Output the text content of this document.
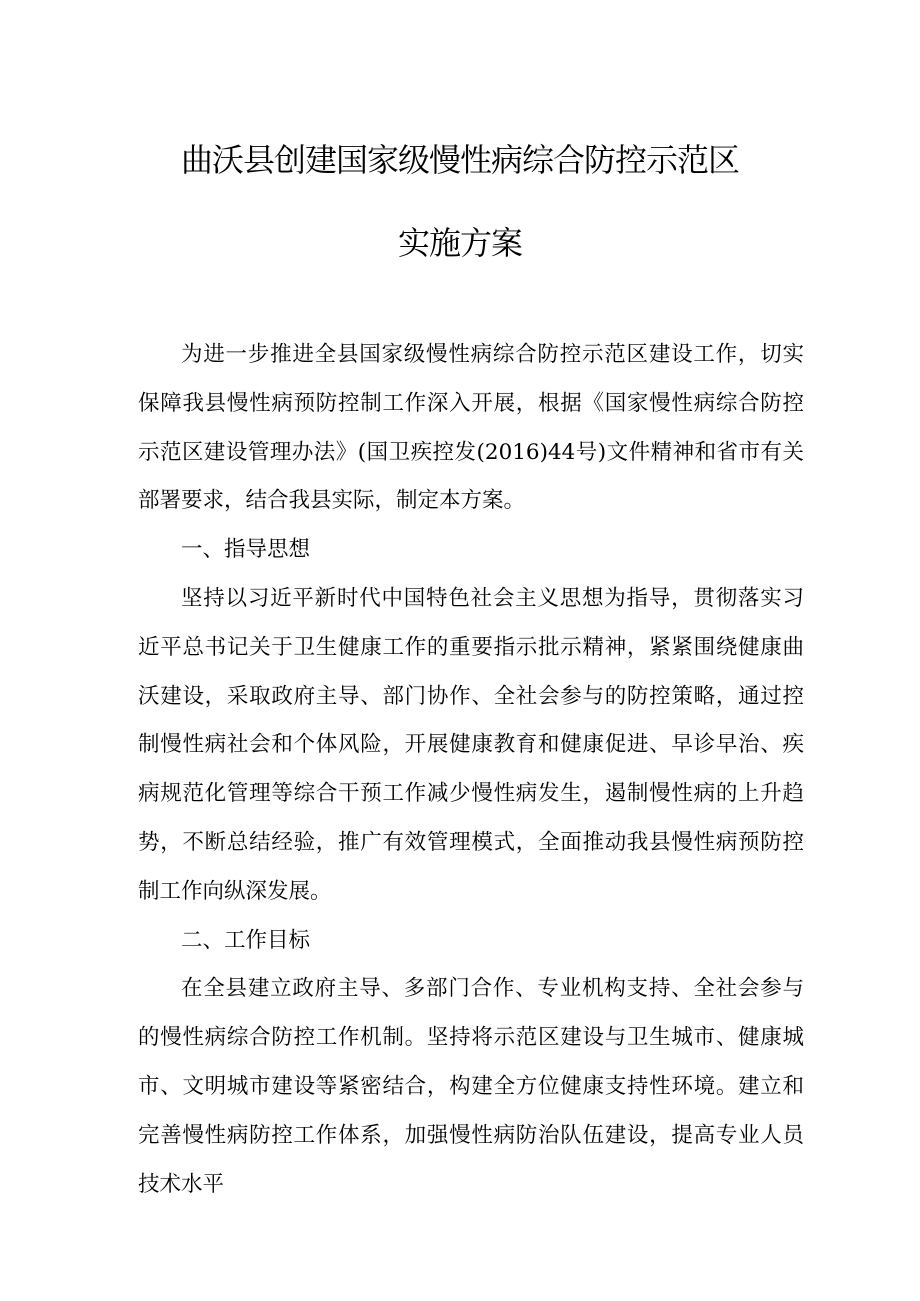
曲沃县创建国家级慢性病综合防控示范区
实施方案

为进一步推进全县国家级慢性病综合防控示范区建设工作，切实保障我县慢性病预防控制工作深入开展，根据《国家慢性病综合防控示范区建设管理办法》(国卫疾控发(2016)44号)文件精神和省市有关部署要求，结合我县实际，制定本方案。

一、指导思想

坚持以习近平新时代中国特色社会主义思想为指导，贯彻落实习近平总书记关于卫生健康工作的重要指示批示精神，紧紧围绕健康曲沃建设，采取政府主导、部门协作、全社会参与的防控策略，通过控制慢性病社会和个体风险，开展健康教育和健康促进、早诊早治、疾病规范化管理等综合干预工作减少慢性病发生，遏制慢性病的上升趋势，不断总结经验，推广有效管理模式，全面推动我县慢性病预防控制工作向纵深发展。

二、工作目标

在全县建立政府主导、多部门合作、专业机构支持、全社会参与的慢性病综合防控工作机制。坚持将示范区建设与卫生城市、健康城市、文明城市建设等紧密结合，构建全方位健康支持性环境。建立和完善慢性病防控工作体系，加强慢性病防治队伍建设，提高专业人员技术水平
